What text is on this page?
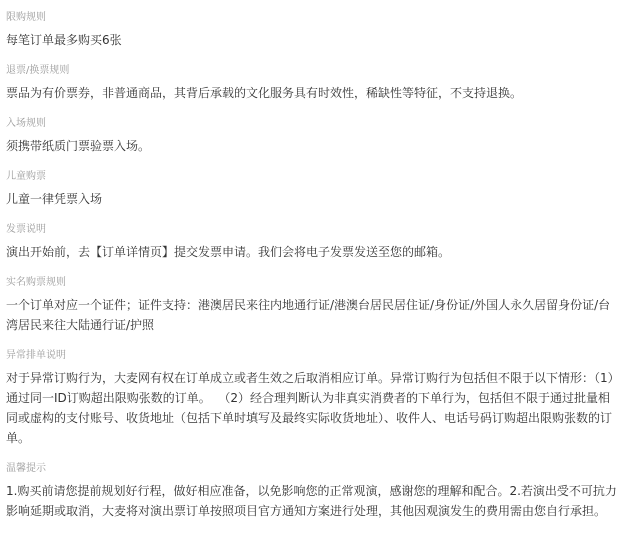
限购规则
每笔订单最多购买6张
退票/换票规则
票品为有价票券，非普通商品，其背后承载的文化服务具有时效性，稀缺性等特征，不支持退换。
入场规则
须携带纸质门票验票入场。
儿童购票
儿童一律凭票入场
发票说明
演出开始前，去【订单详情页】提交发票申请。我们会将电子发票发送至您的邮箱。
实名购票规则
一个订单对应一个证件；证件支持：港澳居民来往内地通行证/港澳台居民居住证/身份证/外国人永久居留身份证/台湾居民来往大陆通行证/护照
异常排单说明
对于异常订购行为，大麦网有权在订单成立或者生效之后取消相应订单。异常订购行为包括但不限于以下情形：（1）通过同一ID订购超出限购张数的订单。  （2）经合理判断认为非真实消费者的下单行为，包括但不限于通过批量相同或虚构的支付账号、收货地址（包括下单时填写及最终实际收货地址）、收件人、电话号码订购超出限购张数的订单。
温馨提示
1.购买前请您提前规划好行程，做好相应准备，以免影响您的正常观演，感谢您的理解和配合。2.若演出受不可抗力影响延期或取消，大麦将对演出票订单按照项目官方通知方案进行处理，其他因观演发生的费用需由您自行承担。
